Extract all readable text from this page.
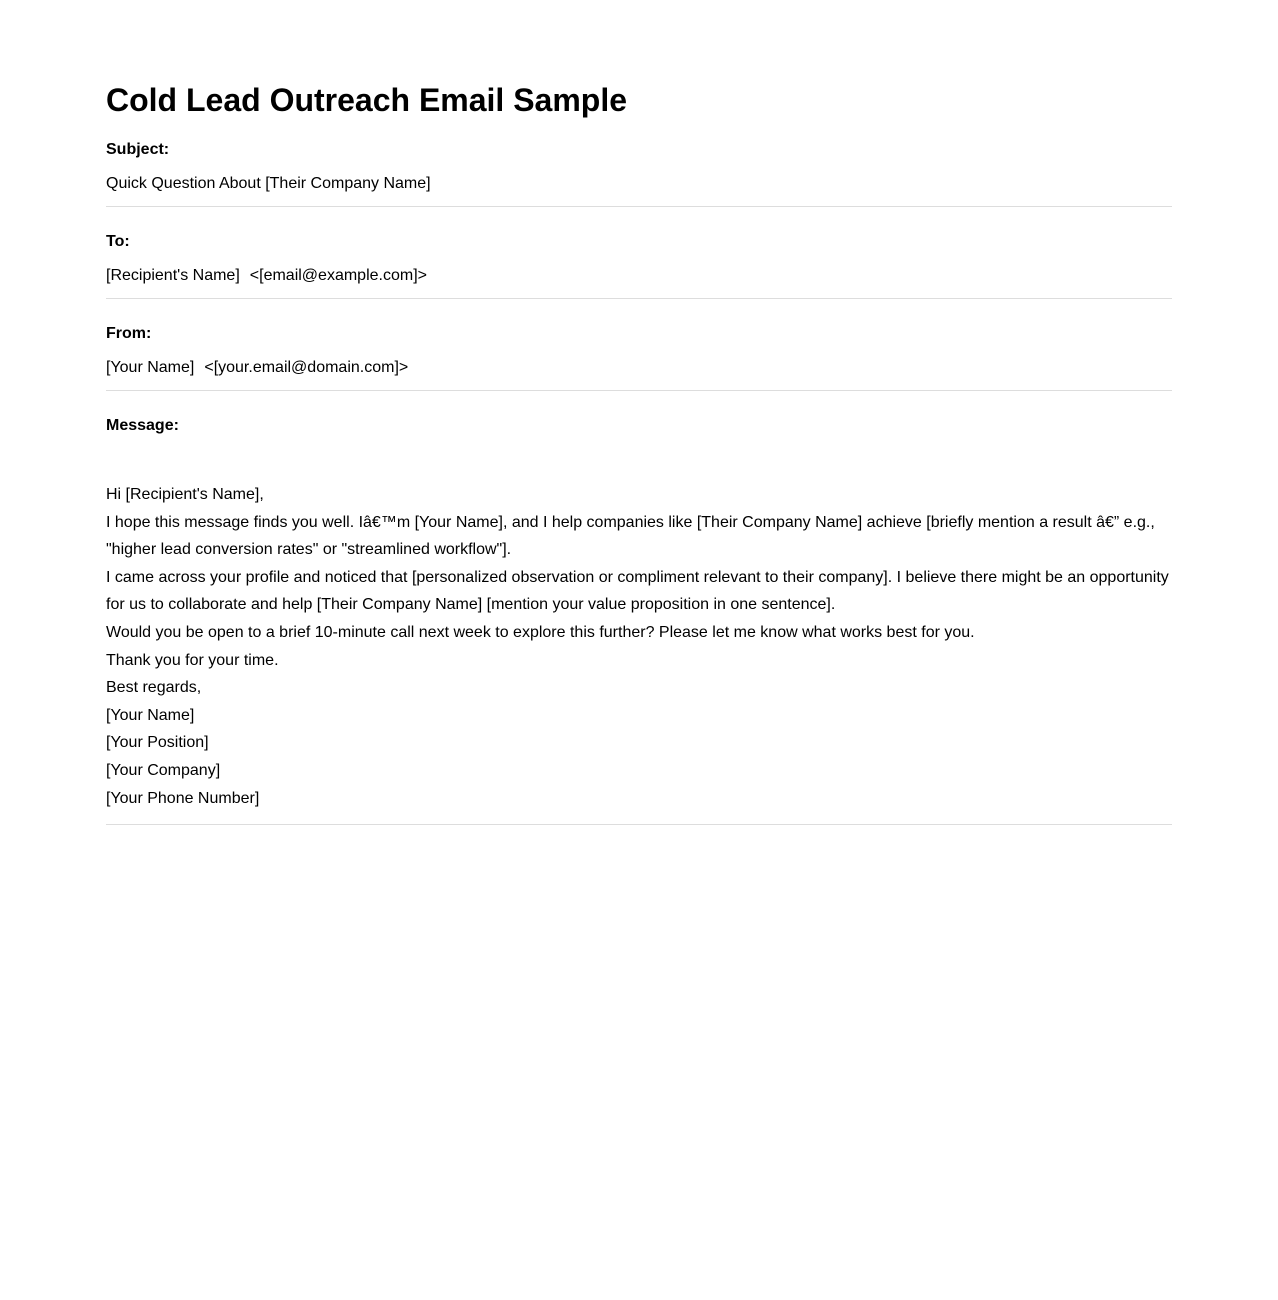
Cold Lead Outreach Email Sample
Subject:
Quick Question About [Their Company Name]
To:
[Recipient's Name] <[email@example.com]>
From:
[Your Name] <[your.email@domain.com]>
Message:
Hi [Recipient's Name],
I hope this message finds you well. Iâ€™m [Your Name], and I help companies like [Their Company Name] achieve [briefly mention a result â€” e.g., "higher lead conversion rates" or "streamlined workflow"].
I came across your profile and noticed that [personalized observation or compliment relevant to their company]. I believe there might be an opportunity for us to collaborate and help [Their Company Name] [mention your value proposition in one sentence].
Would you be open to a brief 10-minute call next week to explore this further? Please let me know what works best for you.
Thank you for your time.
Best regards,
[Your Name]
[Your Position]
[Your Company]
[Your Phone Number]
